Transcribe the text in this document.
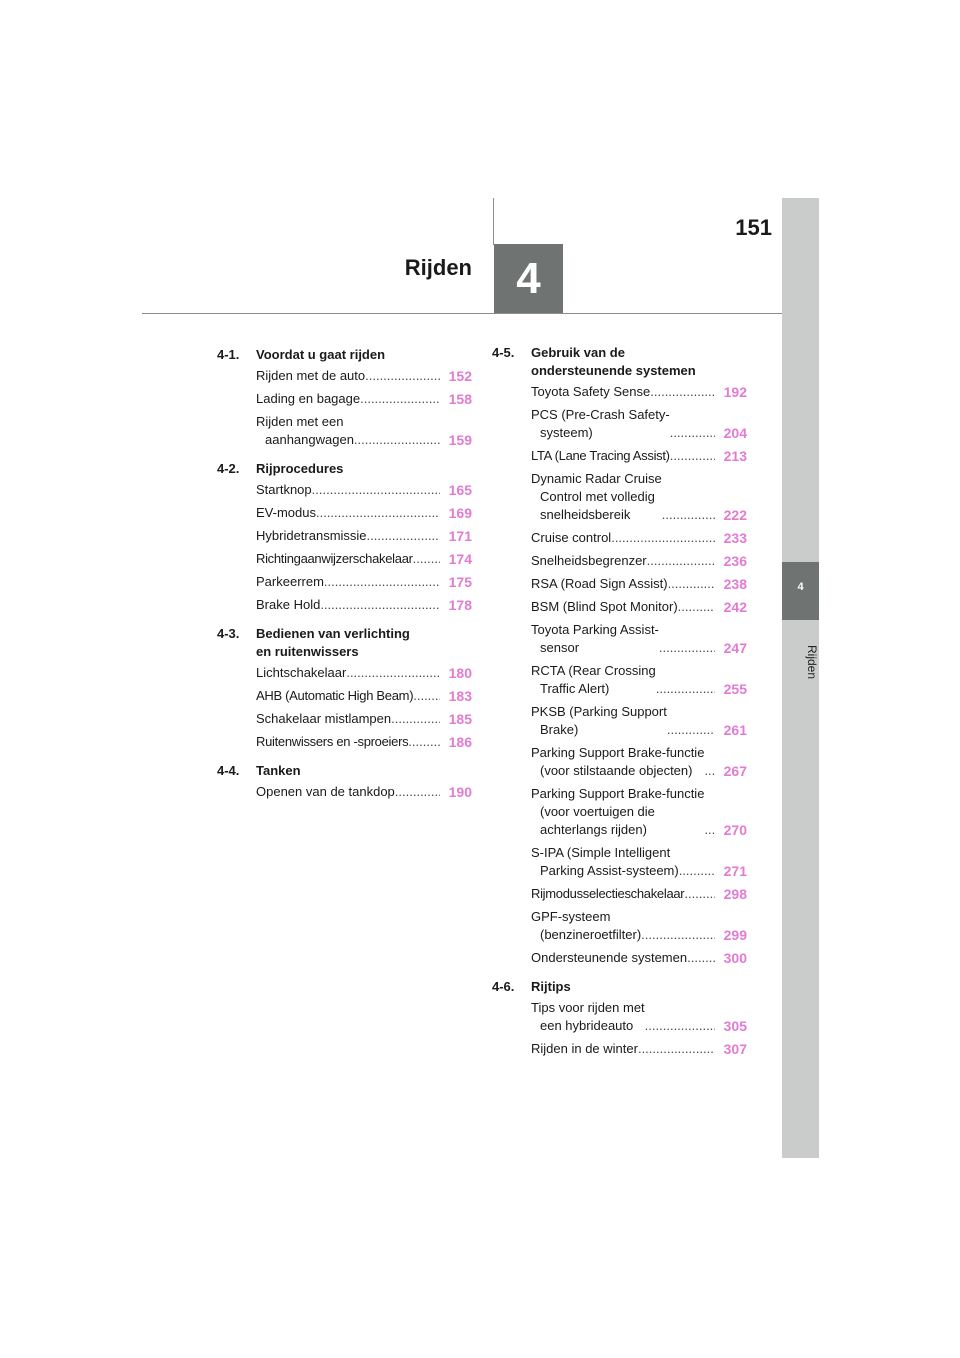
4
Rijden
151
4
Rijden
4-1.	Voordat u gaat rijden
Rijden met de auto .....	152
Lading en bagage .....	158
Rijden met een
aanhangwagen .....	159
4-2.	Rijprocedures
Startknop .....	165
EV-modus .....	169
Hybridetransmissie .....	171
Richtingaanwijzerschakelaar .....	174
Parkeerrem .....	175
Brake Hold .....	178
4-3.	Bedienen van verlichting
en ruitenwissers
Lichtschakelaar .....	180
AHB (Automatic High Beam) .....	183
Schakelaar mistlampen .....	185
Ruitenwissers en -sproeiers .....	186
4-4.	Tanken
Openen van de tankdop .....	190
4-5.	Gebruik van de
ondersteunende systemen
Toyota Safety Sense .....	192
PCS (Pre-Crash Safety-
systeem) .....	204
LTA (Lane Tracing Assist) .....	213
Dynamic Radar Cruise
Control met volledig
snelheidsbereik .....	222
Cruise control .....	233
Snelheidsbegrenzer .....	236
RSA (Road Sign Assist) .....	238
BSM (Blind Spot Monitor) .....	242
Toyota Parking Assist-
sensor .....	247
RCTA (Rear Crossing
Traffic Alert) .....	255
PKSB (Parking Support
Brake) .....	261
Parking Support Brake-functie
(voor stilstaande objecten) .....	267
Parking Support Brake-functie
(voor voertuigen die
achterlangs rijden) .....	270
S-IPA (Simple Intelligent
Parking Assist-systeem) .....	271
Rijmodusselectieschakelaar .....	298
GPF-systeem
(benzineroetfilter) .....	299
Ondersteunende systemen .....	300
4-6.	Rijtips
Tips voor rijden met
een hybrideauto .....	305
Rijden in de winter .....	307
